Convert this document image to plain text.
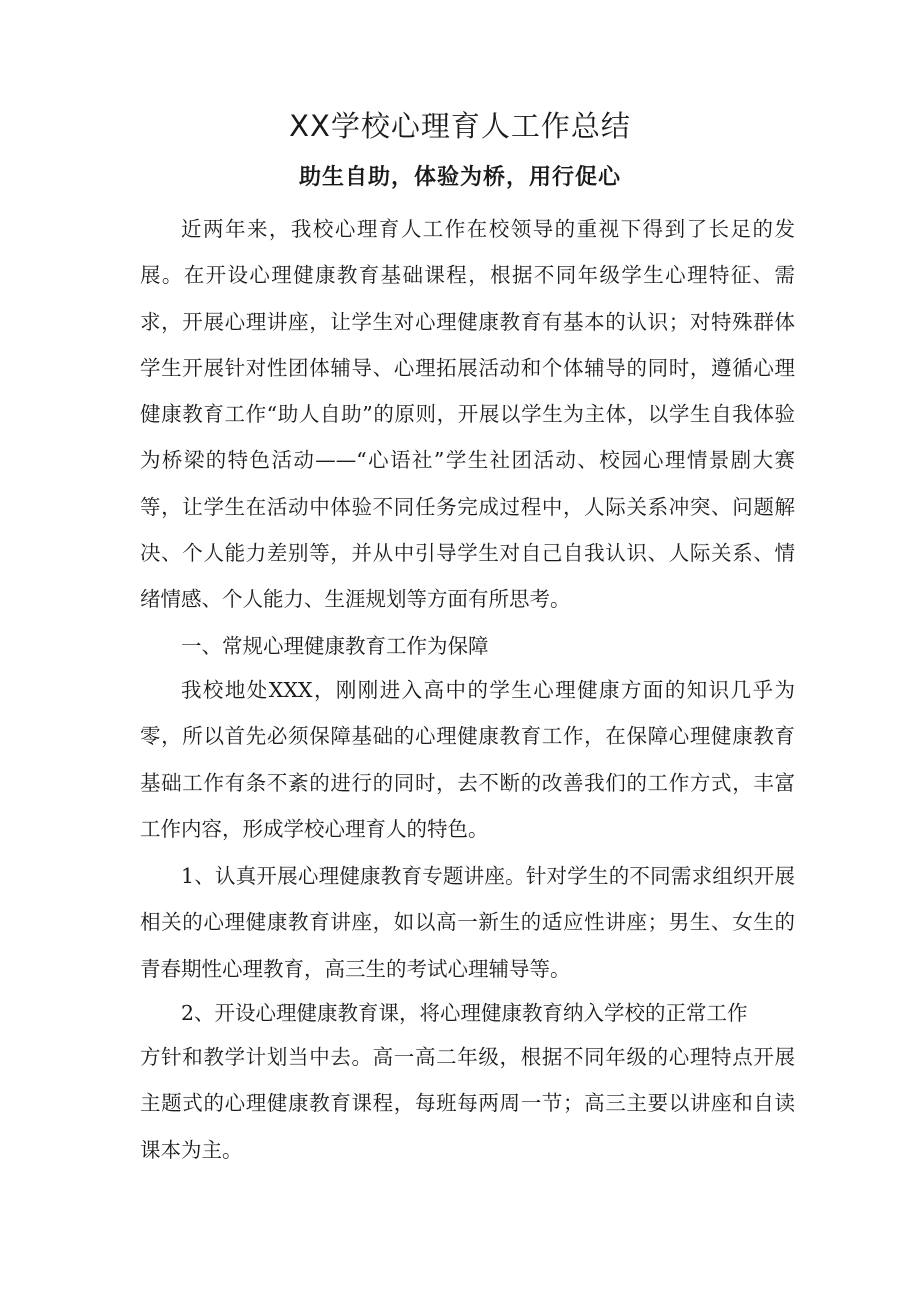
XX学校心理育人工作总结
助生自助，体验为桥，用行促心

近两年来，我校心理育人工作在校领导的重视下得到了长足的发展。在开设心理健康教育基础课程，根据不同年级学生心理特征、需求，开展心理讲座，让学生对心理健康教育有基本的认识；对特殊群体学生开展针对性团体辅导、心理拓展活动和个体辅导的同时，遵循心理健康教育工作“助人自助”的原则，开展以学生为主体，以学生自我体验为桥梁的特色活动——“心语社”学生社团活动、校园心理情景剧大赛等，让学生在活动中体验不同任务完成过程中，人际关系冲突、问题解决、个人能力差别等，并从中引导学生对自己自我认识、人际关系、情绪情感、个人能力、生涯规划等方面有所思考。

一、常规心理健康教育工作为保障

我校地处XXX，刚刚进入高中的学生心理健康方面的知识几乎为零，所以首先必须保障基础的心理健康教育工作，在保障心理健康教育基础工作有条不紊的进行的同时，去不断的改善我们的工作方式，丰富工作内容，形成学校心理育人的特色。

1、认真开展心理健康教育专题讲座。针对学生的不同需求组织开展相关的心理健康教育讲座，如以高一新生的适应性讲座；男生、女生的青春期性心理教育，高三生的考试心理辅导等。

2、开设心理健康教育课，将心理健康教育纳入学校的正常工作

方针和教学计划当中去。高一高二年级，根据不同年级的心理特点开展主题式的心理健康教育课程，每班每两周一节；高三主要以讲座和自读课本为主。
